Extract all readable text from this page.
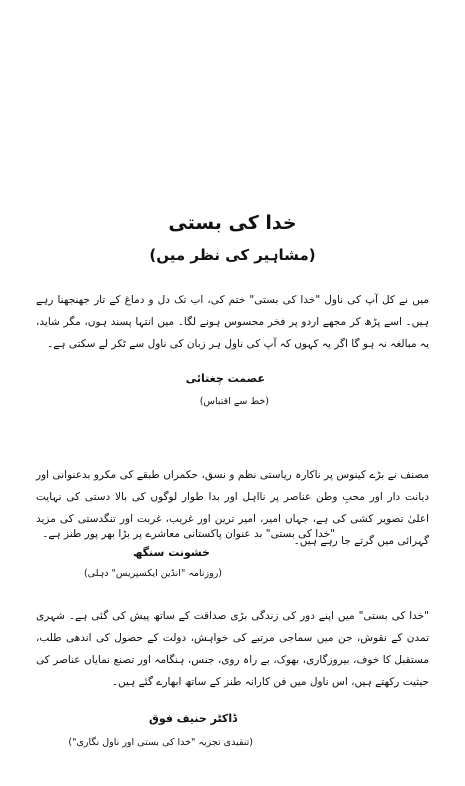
خدا کی بستی
(مشاہیر کی نظر میں)

میں نے کل آپ کی ناول "خدا کی بستی" ختم کی، اب تک دل و دماغ کے تار جھنجھنا رہے ہیں۔ اسے پڑھ کر مجھے اردو پر فخر محسوس ہونے لگا۔ میں انتہا پسند ہوں، مگر شاید، یہ مبالغہ نہ ہو گا اگر یہ کہوں کہ آپ کی ناول ہر زبان کی ناول سے ٹکر لے سکتی ہے۔

عصمت چغتائی
(خط سے اقتباس)

مصنف نے بڑے کینوس پر ناکارہ ریاستی نظم و نسق، حکمراں طبقے کی مکرو بدعنوانی اور دیانت دار اور محبِ وطن عناصر پر نااہل اور بدا طوار لوگوں کی بالا دستی کی نہایت اعلیٰ تصویر کشی کی ہے، جہاں امیر، امیر ترین اور غریب، غربت اور تنگدستی کی مزید گہرائی میں گرتے جا رہے ہیں۔

"خدا کی بستی" بد عنوان پاکستانی معاشرے پر بڑا بھر پور طنز ہے۔
خشونت سنگھ
(روزنامہ "انڈین ایکسپریس" دہلی)

"خدا کی بستی" میں اپنے دور کی زندگی بڑی صداقت کے ساتھ پیش کی گئی ہے۔ شہری تمدن کے نقوش، جن میں سماجی مرتبے کی خواہش، دولت کے حصول کی اندھی طلب، مستقبل کا خوف، بیروزگاری، بھوک، بے راہ روی، جنس، ہنگامہ اور تصنع نمایاں عناصر کی حیثیت رکھتے ہیں، اس ناول میں فن کارانہ طنز کے ساتھ ابھارے گئے ہیں۔

ڈاکٹر حنیف فوق
(تنقیدی تجزیہ "خدا کی بستی اور ناول نگاری")
